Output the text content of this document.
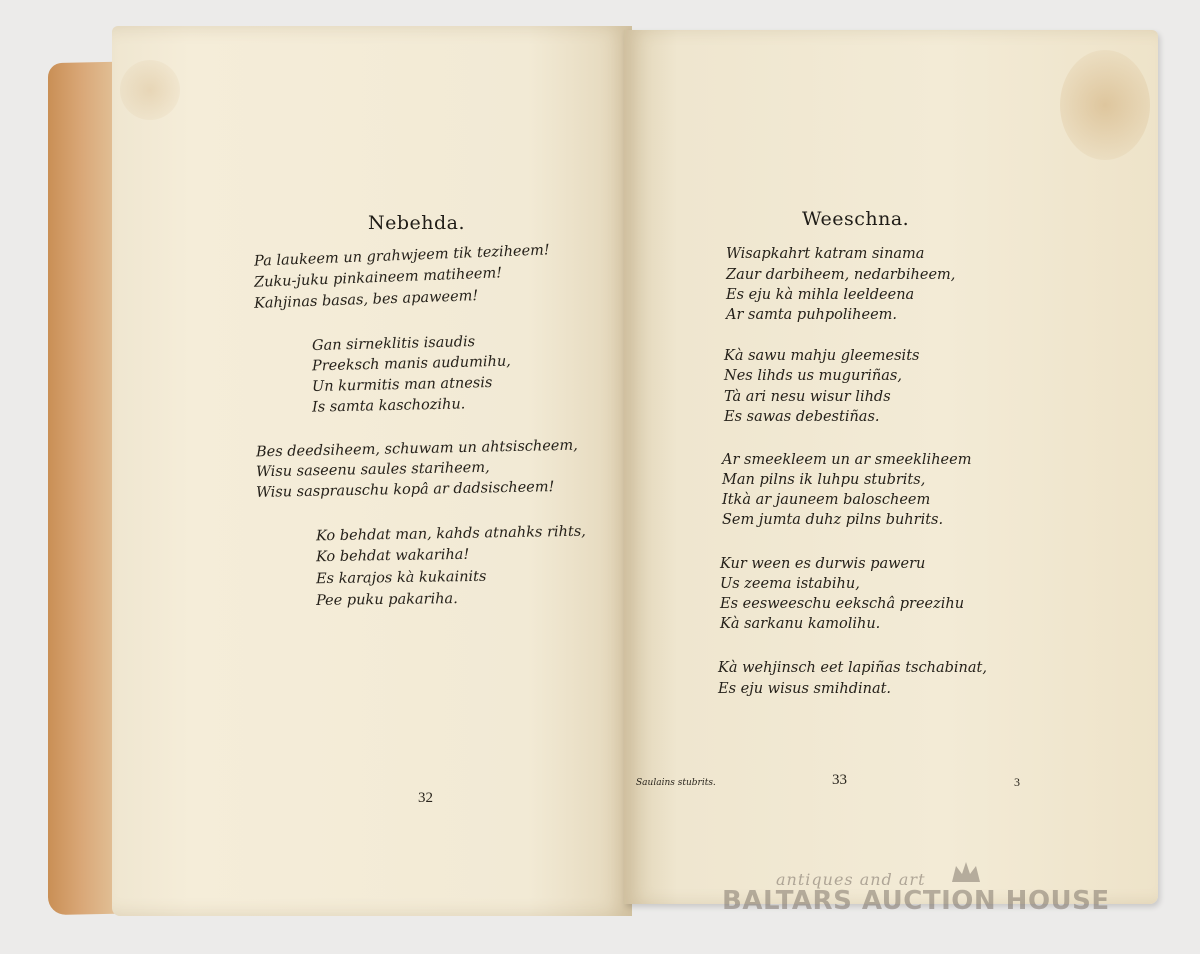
Nebehda.
Pa laukeem un grahwjeem tik teziheem!
Zuku-juku pinkaineem matiheem!
Kahjinas basas, bes apaweem!
Gan sirneklitis isaudis
Preeksch manis audumihu,
Un kurmitis man atnesis
Is samta kaschozihu.
Bes deedsiheem, schuwam un ahtsischeem,
Wisu saseenu saules stariheem,
Wisu sasprauschu kopâ ar dadsischeem!
Ko behdat man, kahds atnahks rihts,
Ko behdat wakariha!
Es karajos kà kukainits
Pee puku pakariha.
32
Weeschna.
Wisapkahrt katram sinama
Zaur darbiheem, nedarbiheem,
Es eju kà mihla leeldeena
Ar samta puhpoliheem.
Kà sawu mahju gleemesits
Nes lihds us muguriñas,
Tà ari nesu wisur lihds
Es sawas debestiñas.
Ar smeekleem un ar smeekliheem
Man pilns ik luhpu stubrits,
Itkà ar jauneem baloscheem
Sem jumta duhz pilns buhrits.
Kur ween es durwis paweru
Us zeema istabihu,
Es eesweeschu eekschâ preezihu
Kà sarkanu kamolihu.
Kà wehjinsch eet lapiñas tschabinat,
Es eju wisus smihdinat.
Saulains stubrits.	33	3
antiques and art
BALTARS AUCTION HOUSE
